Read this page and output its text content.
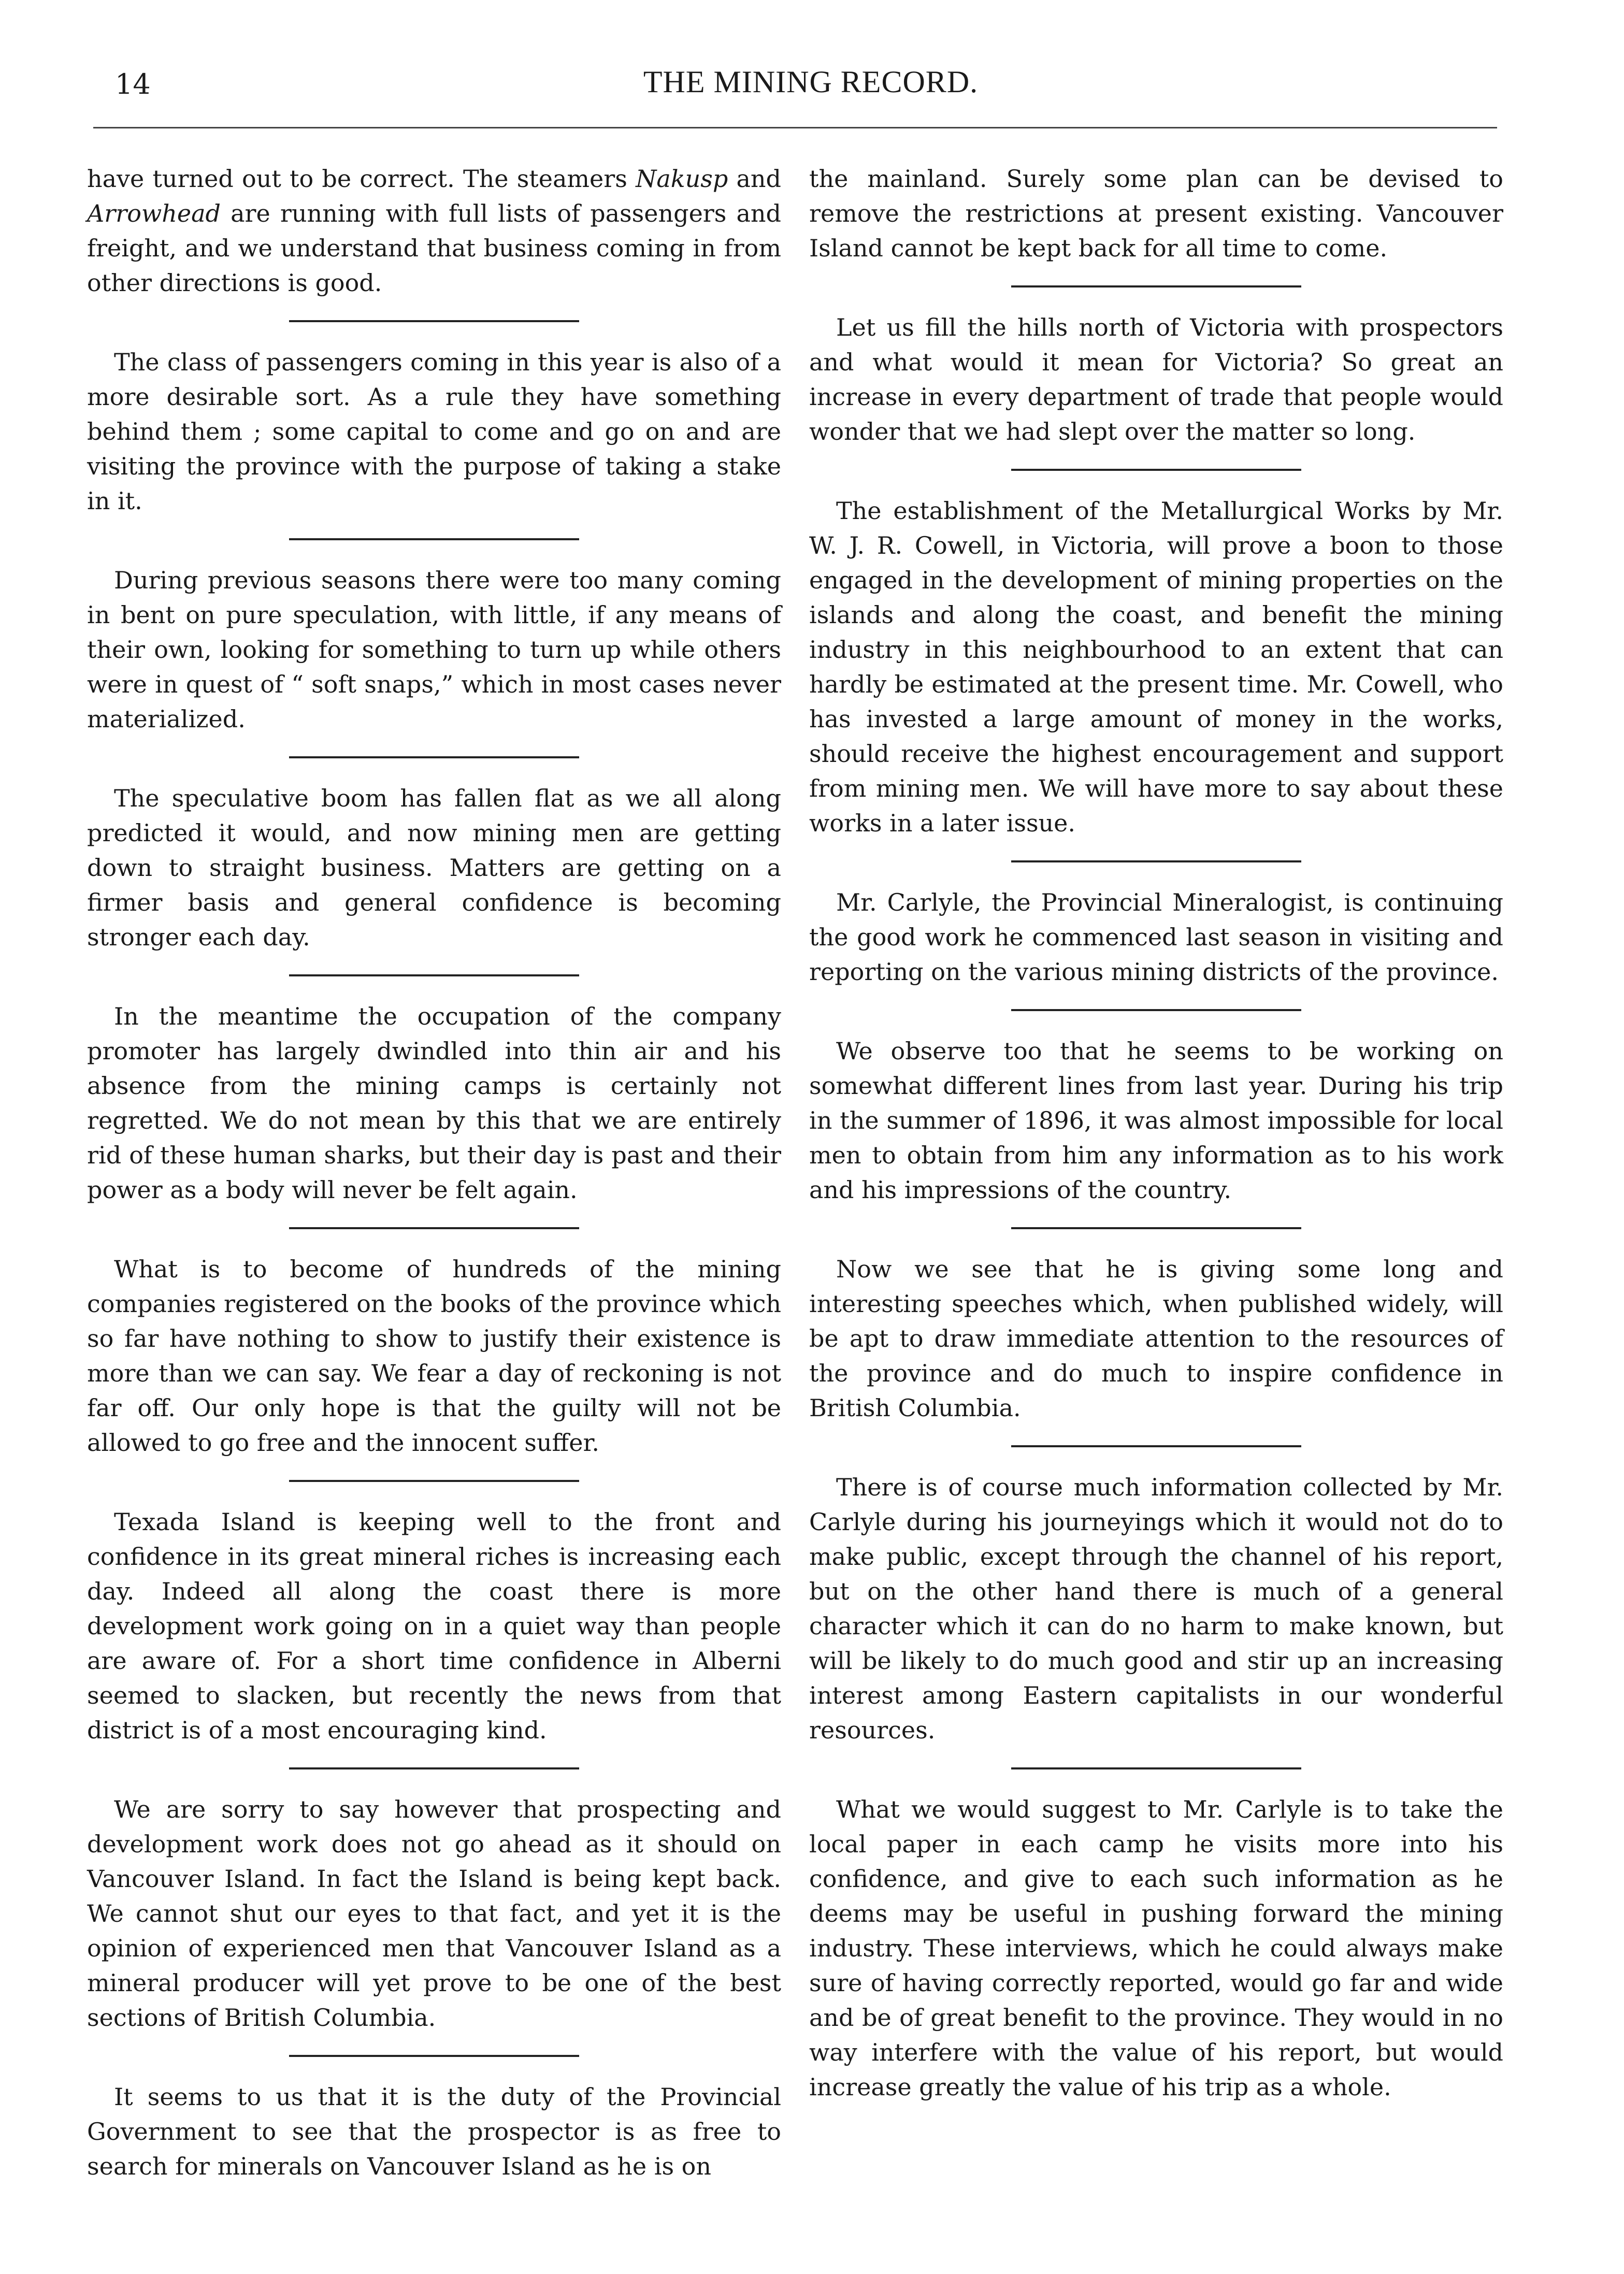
14	THE MINING RECORD.

have turned out to be correct. The steamers Nakusp and Arrowhead are running with full lists of passengers and freight, and we understand that business coming in from other directions is good.

The class of passengers coming in this year is also of a more desirable sort. As a rule they have something behind them ; some capital to come and go on and are visiting the province with the purpose of taking a stake in it.

During previous seasons there were too many coming in bent on pure speculation, with little, if any means of their own, looking for something to turn up while others were in quest of “ soft snaps,” which in most cases never materialized.

The speculative boom has fallen flat as we all along predicted it would, and now mining men are getting down to straight business. Matters are getting on a firmer basis and general confidence is becoming stronger each day.

In the meantime the occupation of the company promoter has largely dwindled into thin air and his absence from the mining camps is certainly not regretted. We do not mean by this that we are entirely rid of these human sharks, but their day is past and their power as a body will never be felt again.

What is to become of hundreds of the mining companies registered on the books of the province which so far have nothing to show to justify their existence is more than we can say. We fear a day of reckoning is not far off. Our only hope is that the guilty will not be allowed to go free and the innocent suffer.

Texada Island is keeping well to the front and confidence in its great mineral riches is increasing each day. Indeed all along the coast there is more development work going on in a quiet way than people are aware of. For a short time confidence in Alberni seemed to slacken, but recently the news from that district is of a most encouraging kind.

We are sorry to say however that prospecting and development work does not go ahead as it should on Vancouver Island. In fact the Island is being kept back. We cannot shut our eyes to that fact, and yet it is the opinion of experienced men that Vancouver Island as a mineral producer will yet prove to be one of the best sections of British Columbia.

It seems to us that it is the duty of the Provincial Government to see that the prospector is as free to search for minerals on Vancouver Island as he is on

the mainland. Surely some plan can be devised to remove the restrictions at present existing. Vancouver Island cannot be kept back for all time to come.

Let us fill the hills north of Victoria with prospectors and what would it mean for Victoria? So great an increase in every department of trade that people would wonder that we had slept over the matter so long.

The establishment of the Metallurgical Works by Mr. W. J. R. Cowell, in Victoria, will prove a boon to those engaged in the development of mining properties on the islands and along the coast, and benefit the mining industry in this neighbourhood to an extent that can hardly be estimated at the present time. Mr. Cowell, who has invested a large amount of money in the works, should receive the highest encouragement and support from mining men. We will have more to say about these works in a later issue.

Mr. Carlyle, the Provincial Mineralogist, is continuing the good work he commenced last season in visiting and reporting on the various mining districts of the province.

We observe too that he seems to be working on somewhat different lines from last year. During his trip in the summer of 1896, it was almost impossible for local men to obtain from him any information as to his work and his impressions of the country.

Now we see that he is giving some long and interesting speeches which, when published widely, will be apt to draw immediate attention to the resources of the province and do much to inspire confidence in British Columbia.

There is of course much information collected by Mr. Carlyle during his journeyings which it would not do to make public, except through the channel of his report, but on the other hand there is much of a general character which it can do no harm to make known, but will be likely to do much good and stir up an increasing interest among Eastern capitalists in our wonderful resources.

What we would suggest to Mr. Carlyle is to take the local paper in each camp he visits more into his confidence, and give to each such information as he deems may be useful in pushing forward the mining industry. These interviews, which he could always make sure of having correctly reported, would go far and wide and be of great benefit to the province. They would in no way interfere with the value of his report, but would increase greatly the value of his trip as a whole.
